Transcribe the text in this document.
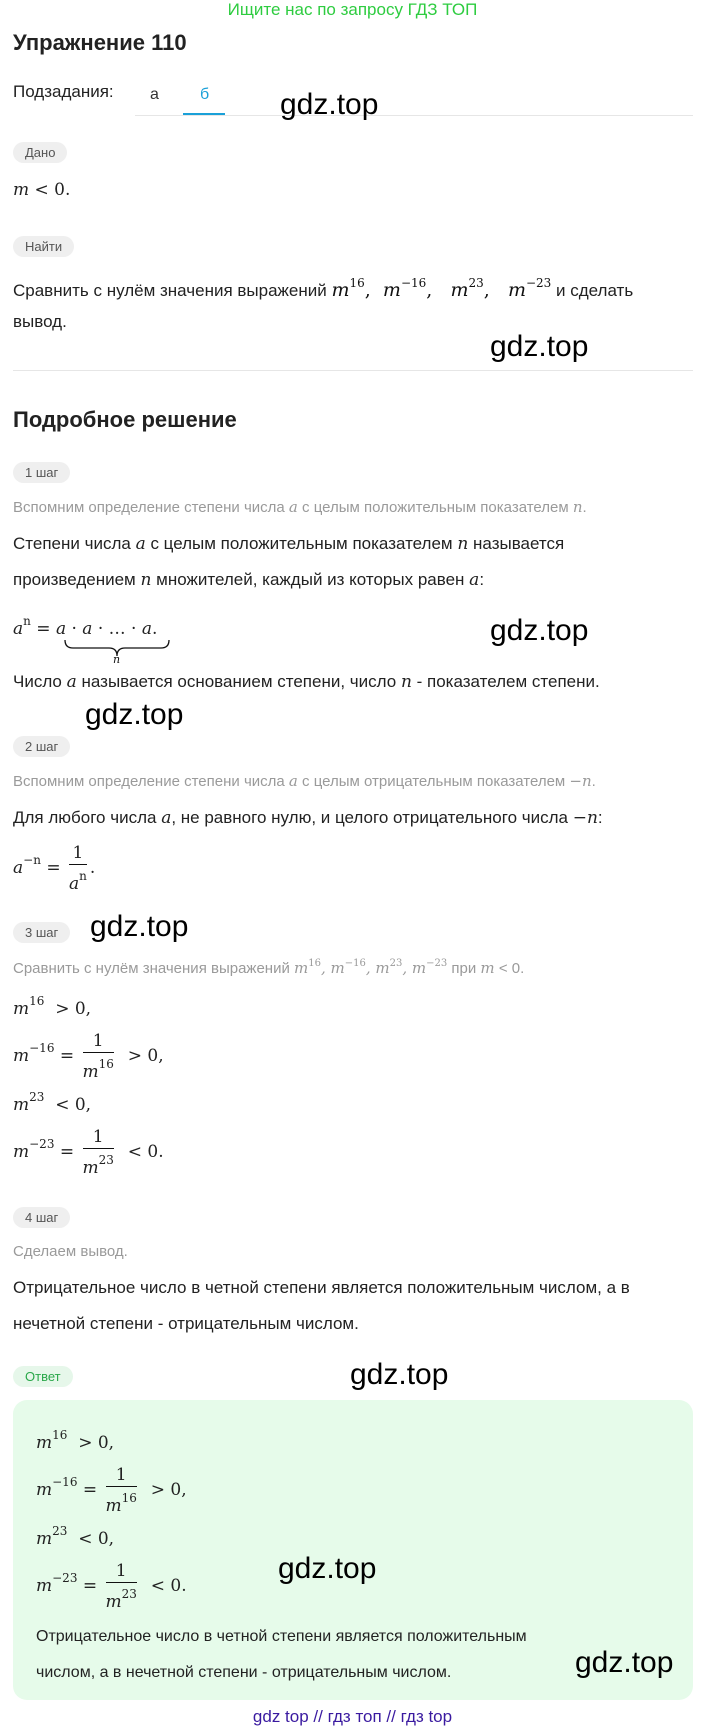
Ищите нас по запросу ГДЗ ТОП
Упражнение 110
Подзадания: а	б gdz.top
Дано
m < 0.
Найти
Сравнить с нулём значения выражений $m^{16}$,  $m^{-16}$,   $m^{23}$,   $m^{-23}$ и сделать
вывод.
gdz.top
Подробное решение
1 шаг
Вспомним определение степени числа a с целым положительным показателем n.
Степени числа a с целым положительным показателем n называется
произведением n множителей, каждый из которых равен a:
$a^n = a \cdot a$ · … · a.
n
gdz.top
Число a называется основанием степени, число n - показателем степени.
gdz.top
2 шаг
Вспомним определение степени числа a с целым отрицательным показателем −n.
Для любого числа a, не равного нулю, и целого отрицательного числа −n:
$a^{-n} = \frac{1}{a^n}$ .
gdz.top
3 шаг
Сравнить с нулём значения выражений $m^{16}$, $m^{-16}$, $m^{23}$, $m^{-23}$ при m < 0.
$m^{16} > 0$,
$m^{-16} = \frac{1}{m^{16}} > 0$,
$m^{23} < 0$,
$m^{-23} = \frac{1}{m^{23}} < 0$.
4 шаг
Сделаем вывод.
Отрицательное число в четной степени является положительным числом, а в
нечетной степени - отрицательным числом.
Ответ	gdz.top
$m^{16} > 0$,
$m^{-16} = \frac{1}{m^{16}} > 0$,
$m^{23} < 0$,
$m^{-23} = \frac{1}{m^{23}} < 0$.
gdz.top
Отрицательное число в четной степени является положительным
числом, а в нечетной степени - отрицательным числом.	gdz.top
gdz top // гдз топ // гдз top
